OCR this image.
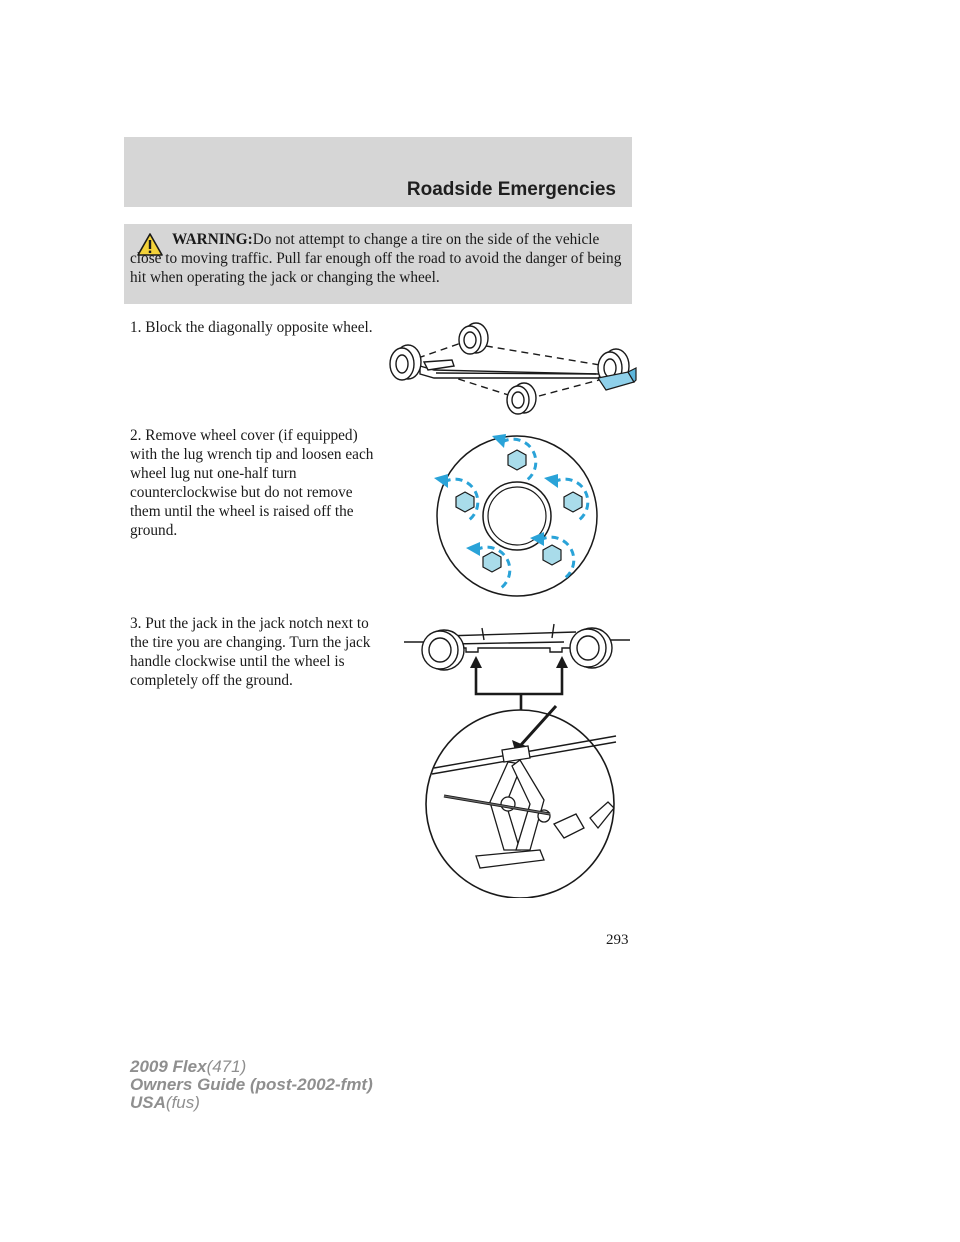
Roadside Emergencies

WARNING:Do not attempt to change a tire on the side of the vehicle close to moving traffic. Pull far enough off the road to avoid the danger of being hit when operating the jack or changing the wheel.

1. Block the diagonally opposite wheel.

2. Remove wheel cover (if equipped) with the lug wrench tip and loosen each wheel lug nut one-half turn counterclockwise but do not remove them until the wheel is raised off the ground.

3. Put the jack in the jack notch next to the tire you are changing. Turn the jack handle clockwise until the wheel is completely off the ground.

293
2009 Flex(471)
Owners Guide (post-2002-fmt)
USA(fus)
